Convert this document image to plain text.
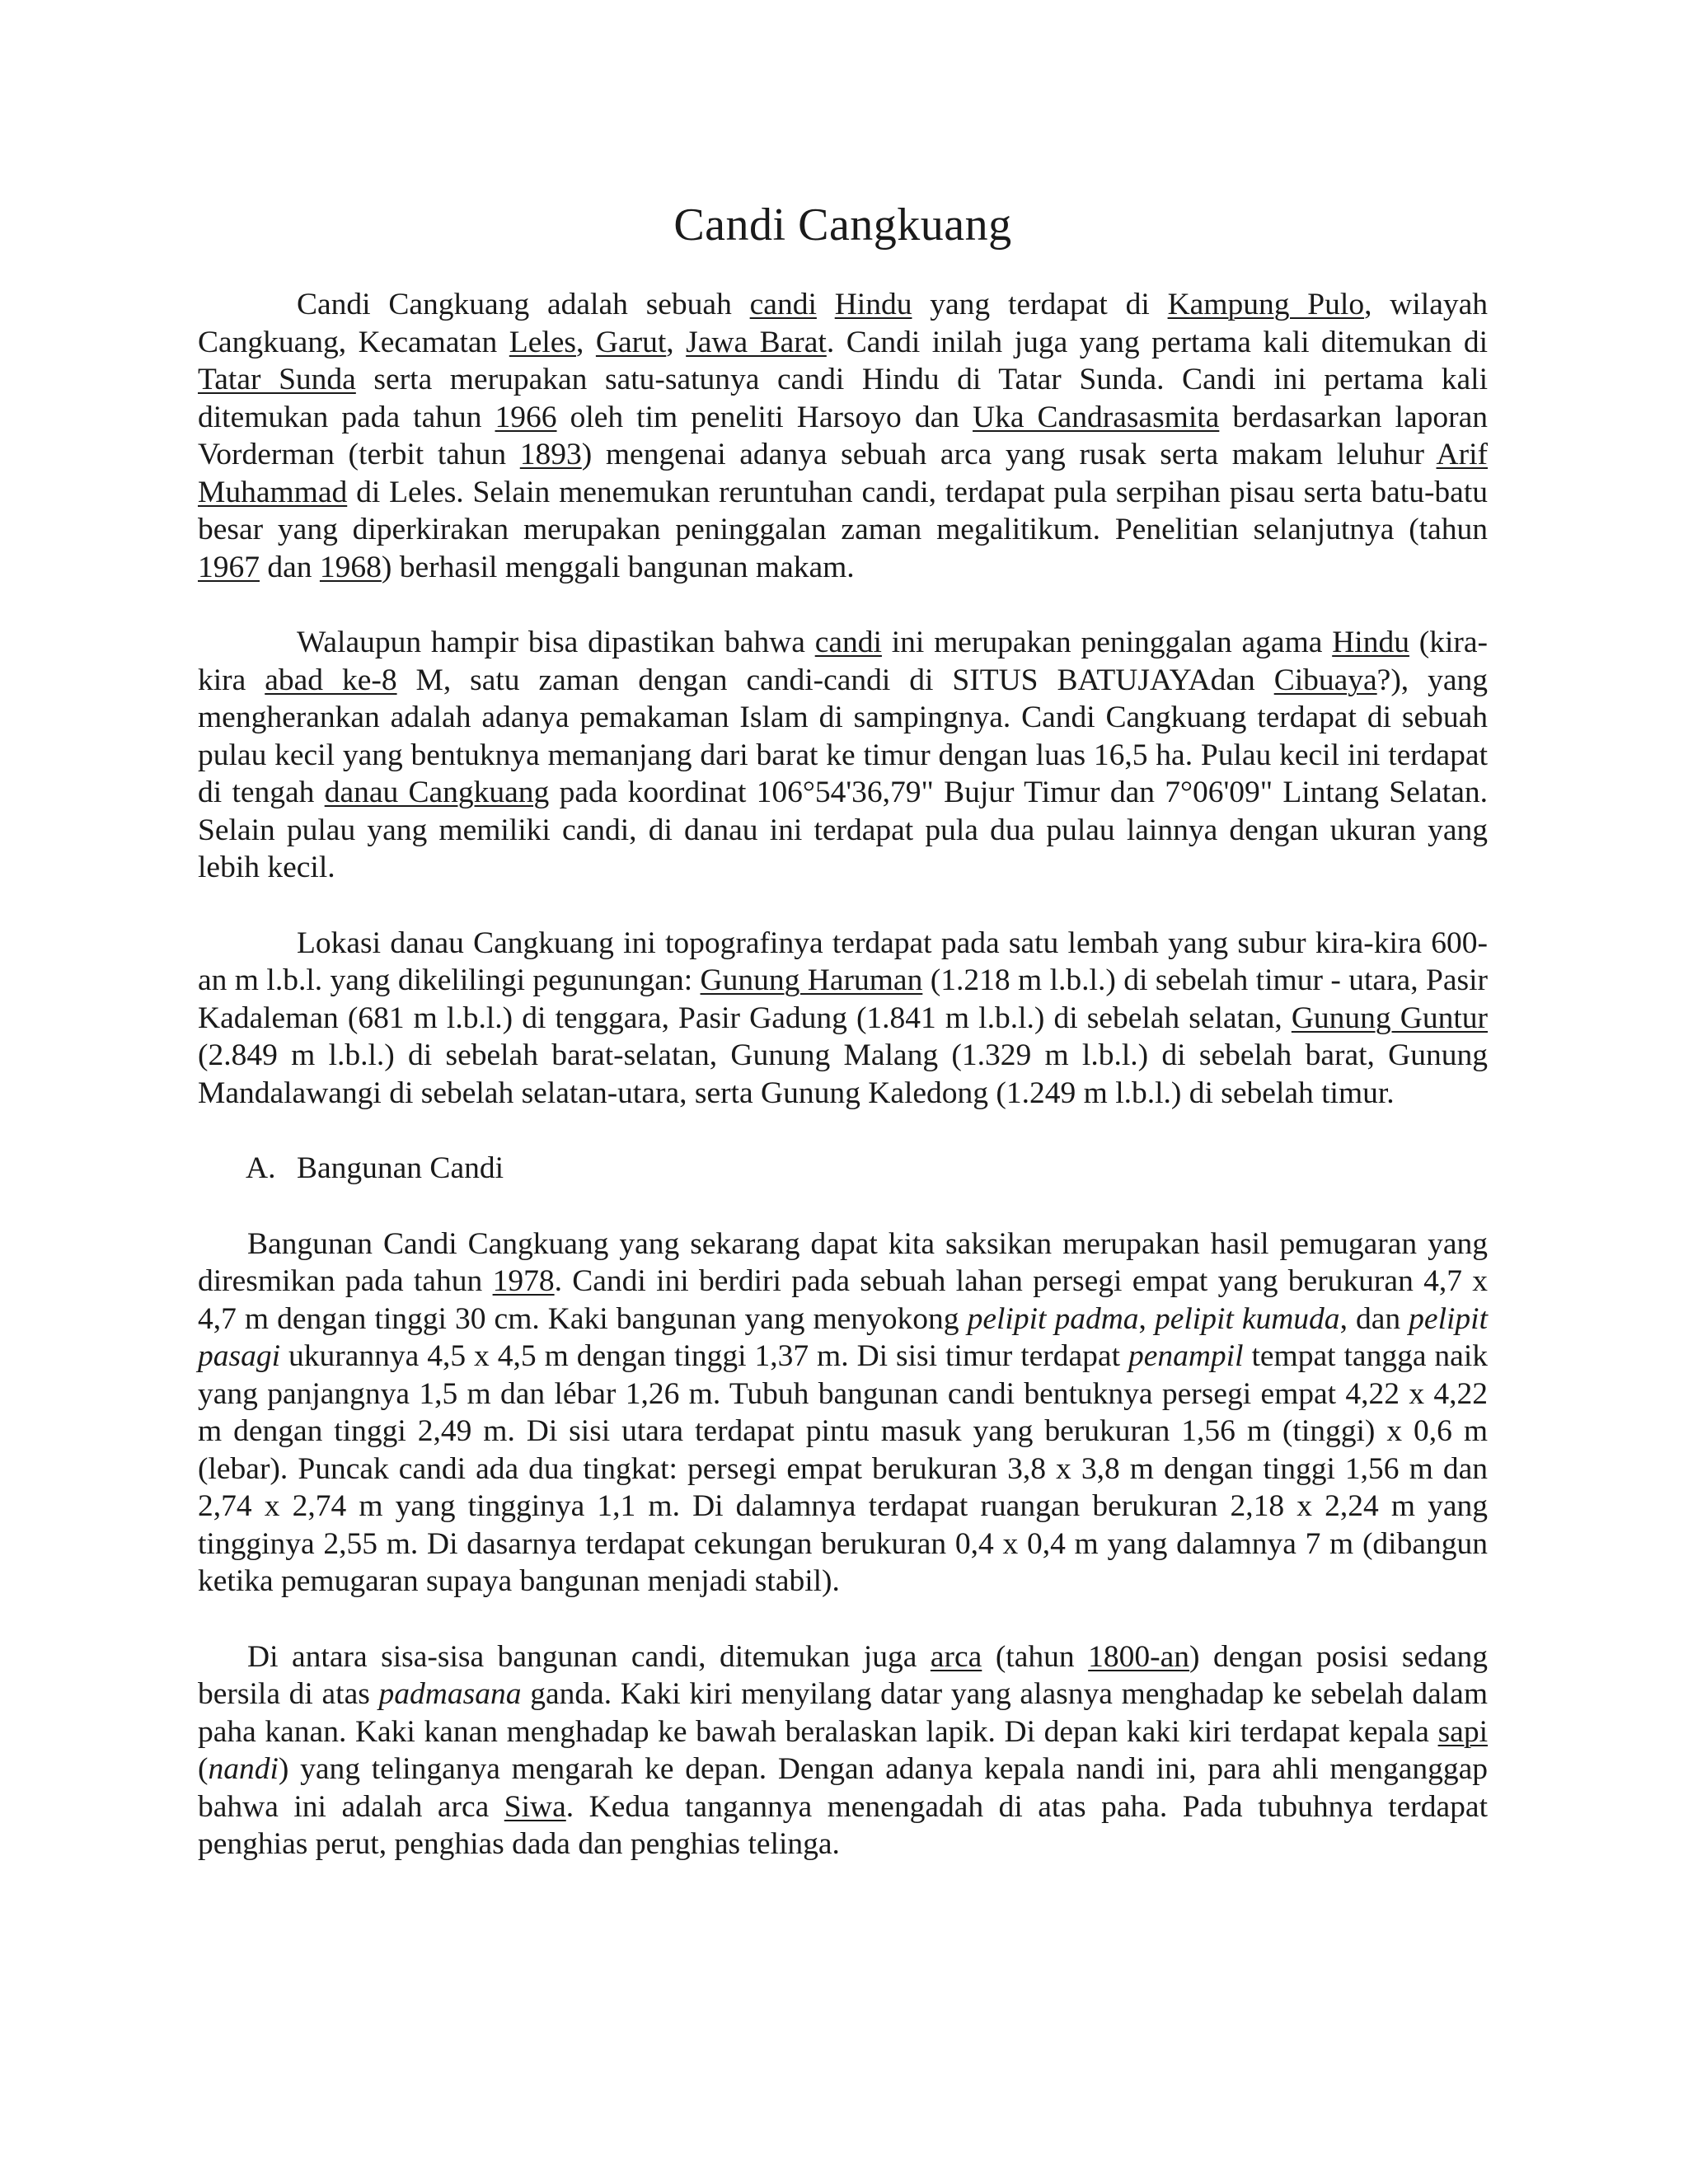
Candi Cangkuang

Candi Cangkuang adalah sebuah candi Hindu yang terdapat di Kampung Pulo, wilayah Cangkuang, Kecamatan Leles, Garut, Jawa Barat. Candi inilah juga yang pertama kali ditemukan di Tatar Sunda serta merupakan satu-satunya candi Hindu di Tatar Sunda. Candi ini pertama kali ditemukan pada tahun 1966 oleh tim peneliti Harsoyo dan Uka Candrasasmita berdasarkan laporan Vorderman (terbit tahun 1893) mengenai adanya sebuah arca yang rusak serta makam leluhur Arif Muhammad di Leles. Selain menemukan reruntuhan candi, terdapat pula serpihan pisau serta batu-batu besar yang diperkirakan merupakan peninggalan zaman megalitikum. Penelitian selanjutnya (tahun 1967 dan 1968) berhasil menggali bangunan makam.

Walaupun hampir bisa dipastikan bahwa candi ini merupakan peninggalan agama Hindu (kira-kira abad ke-8 M, satu zaman dengan candi-candi di SITUS BATUJAYAdan Cibuaya?), yang mengherankan adalah adanya pemakaman Islam di sampingnya. Candi Cangkuang terdapat di sebuah pulau kecil yang bentuknya memanjang dari barat ke timur dengan luas 16,5 ha. Pulau kecil ini terdapat di tengah danau Cangkuang pada koordinat 106°54'36,79" Bujur Timur dan 7°06'09" Lintang Selatan. Selain pulau yang memiliki candi, di danau ini terdapat pula dua pulau lainnya dengan ukuran yang lebih kecil.

Lokasi danau Cangkuang ini topografinya terdapat pada satu lembah yang subur kira-kira 600-an m l.b.l. yang dikelilingi pegunungan: Gunung Haruman (1.218 m l.b.l.) di sebelah timur - utara, Pasir Kadaleman (681 m l.b.l.) di tenggara, Pasir Gadung (1.841 m l.b.l.) di sebelah selatan, Gunung Guntur (2.849 m l.b.l.) di sebelah barat-selatan, Gunung Malang (1.329 m l.b.l.) di sebelah barat, Gunung Mandalawangi di sebelah selatan-utara, serta Gunung Kaledong (1.249 m l.b.l.) di sebelah timur.

A. Bangunan Candi

Bangunan Candi Cangkuang yang sekarang dapat kita saksikan merupakan hasil pemugaran yang diresmikan pada tahun 1978. Candi ini berdiri pada sebuah lahan persegi empat yang berukuran 4,7 x 4,7 m dengan tinggi 30 cm. Kaki bangunan yang menyokong pelipit padma, pelipit kumuda, dan pelipit pasagi ukurannya 4,5 x 4,5 m dengan tinggi 1,37 m. Di sisi timur terdapat penampil tempat tangga naik yang panjangnya 1,5 m dan lébar 1,26 m. Tubuh bangunan candi bentuknya persegi empat 4,22 x 4,22 m dengan tinggi 2,49 m. Di sisi utara terdapat pintu masuk yang berukuran 1,56 m (tinggi) x 0,6 m (lebar). Puncak candi ada dua tingkat: persegi empat berukuran 3,8 x 3,8 m dengan tinggi 1,56 m dan 2,74 x 2,74 m yang tingginya 1,1 m. Di dalamnya terdapat ruangan berukuran 2,18 x 2,24 m yang tingginya 2,55 m. Di dasarnya terdapat cekungan berukuran 0,4 x 0,4 m yang dalamnya 7 m (dibangun ketika pemugaran supaya bangunan menjadi stabil).

Di antara sisa-sisa bangunan candi, ditemukan juga arca (tahun 1800-an) dengan posisi sedang bersila di atas padmasana ganda. Kaki kiri menyilang datar yang alasnya menghadap ke sebelah dalam paha kanan. Kaki kanan menghadap ke bawah beralaskan lapik. Di depan kaki kiri terdapat kepala sapi (nandi) yang telinganya mengarah ke depan. Dengan adanya kepala nandi ini, para ahli menganggap bahwa ini adalah arca Siwa. Kedua tangannya menengadah di atas paha. Pada tubuhnya terdapat penghias perut, penghias dada dan penghias telinga.
